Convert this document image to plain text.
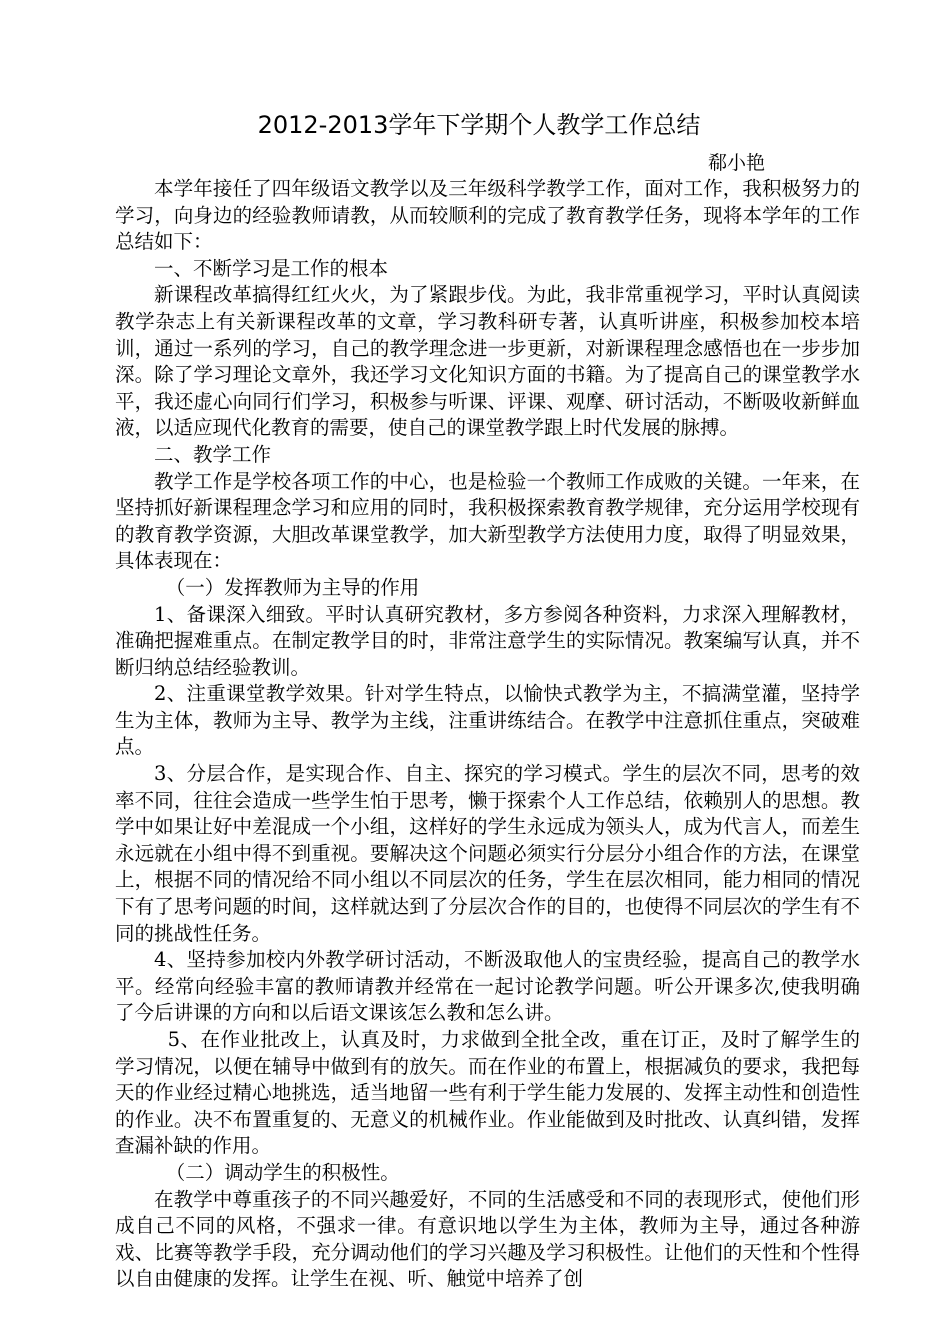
2012-2013学年下学期个人教学工作总结
郗小艳

本学年接任了四年级语文教学以及三年级科学教学工作，面对工作，我积极努力的学习，向身边的经验教师请教，从而较顺利的完成了教育教学任务，现将本学年的工作总结如下：

一、不断学习是工作的根本

新课程改革搞得红红火火，为了紧跟步伐。为此，我非常重视学习，平时认真阅读教学杂志上有关新课程改革的文章，学习教科研专著，认真听讲座，积极参加校本培训，通过一系列的学习，自己的教学理念进一步更新，对新课程理念感悟也在一步步加深。除了学习理论文章外，我还学习文化知识方面的书籍。为了提高自己的课堂教学水平，我还虚心向同行们学习，积极参与听课、评课、观摩、研讨活动，不断吸收新鲜血液，以适应现代化教育的需要，使自己的课堂教学跟上时代发展的脉搏。

二、教学工作

教学工作是学校各项工作的中心，也是检验一个教师工作成败的关键。一年来，在坚持抓好新课程理念学习和应用的同时，我积极探索教育教学规律，充分运用学校现有的教育教学资源，大胆改革课堂教学，加大新型教学方法使用力度，取得了明显效果，具体表现在：

（一）发挥教师为主导的作用

1、备课深入细致。平时认真研究教材，多方参阅各种资料，力求深入理解教材，准确把握难重点。在制定教学目的时，非常注意学生的实际情况。教案编写认真，并不断归纳总结经验教训。

2、注重课堂教学效果。针对学生特点，以愉快式教学为主，不搞满堂灌，坚持学生为主体，教师为主导、教学为主线，注重讲练结合。在教学中注意抓住重点，突破难点。

3、分层合作，是实现合作、自主、探究的学习模式。学生的层次不同，思考的效率不同，往往会造成一些学生怕于思考，懒于探索个人工作总结，依赖别人的思想。教学中如果让好中差混成一个小组，这样好的学生永远成为领头人，成为代言人，而差生永远就在小组中得不到重视。要解决这个问题必须实行分层分小组合作的方法，在课堂上，根据不同的情况给不同小组以不同层次的任务，学生在层次相同，能力相同的情况下有了思考问题的时间，这样就达到了分层次合作的目的，也使得不同层次的学生有不同的挑战性任务。

4、坚持参加校内外教学研讨活动，不断汲取他人的宝贵经验，提高自己的教学水平。经常向经验丰富的教师请教并经常在一起讨论教学问题。听公开课多次,使我明确了今后讲课的方向和以后语文课该怎么教和怎么讲。

5、在作业批改上，认真及时，力求做到全批全改，重在订正，及时了解学生的学习情况，以便在辅导中做到有的放矢。而在作业的布置上，根据减负的要求，我把每天的作业经过精心地挑选，适当地留一些有利于学生能力发展的、发挥主动性和创造性的作业。决不布置重复的、无意义的机械作业。作业能做到及时批改、认真纠错，发挥查漏补缺的作用。

（二）调动学生的积极性。

在教学中尊重孩子的不同兴趣爱好，不同的生活感受和不同的表现形式，使他们形成自己不同的风格，不强求一律。有意识地以学生为主体，教师为主导，通过各种游戏、比赛等教学手段，充分调动他们的学习兴趣及学习积极性。让他们的天性和个性得以自由健康的发挥。让学生在视、听、触觉中培养了创
